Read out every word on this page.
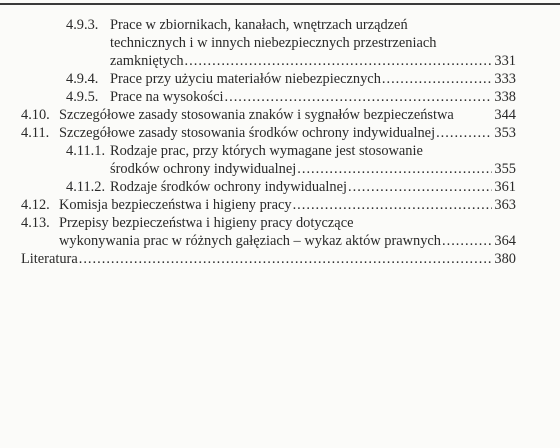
4.9.3. Prace w zbiornikach, kanałach, wnętrzach urządzeń
technicznych i w innych niebezpiecznych przestrzeniach
zamkniętych .....	331
4.9.4. Prace przy użyciu materiałów niebezpiecznych .....	333
4.9.5. Prace na wysokości .....	338
4.10. Szczegółowe zasady stosowania znaków i sygnałów bezpieczeństwa	344
4.11. Szczegółowe zasady stosowania środków ochrony indywidualnej .....	353
4.11.1. Rodzaje prac, przy których wymagane jest stosowanie
środków ochrony indywidualnej .....	355
4.11.2. Rodzaje środków ochrony indywidualnej .....	361
4.12. Komisja bezpieczeństwa i higieny pracy .....	363
4.13. Przepisy bezpieczeństwa i higieny pracy dotyczące
wykonywania prac w różnych gałęziach – wykaz aktów prawnych .....	364
Literatura .....	380
